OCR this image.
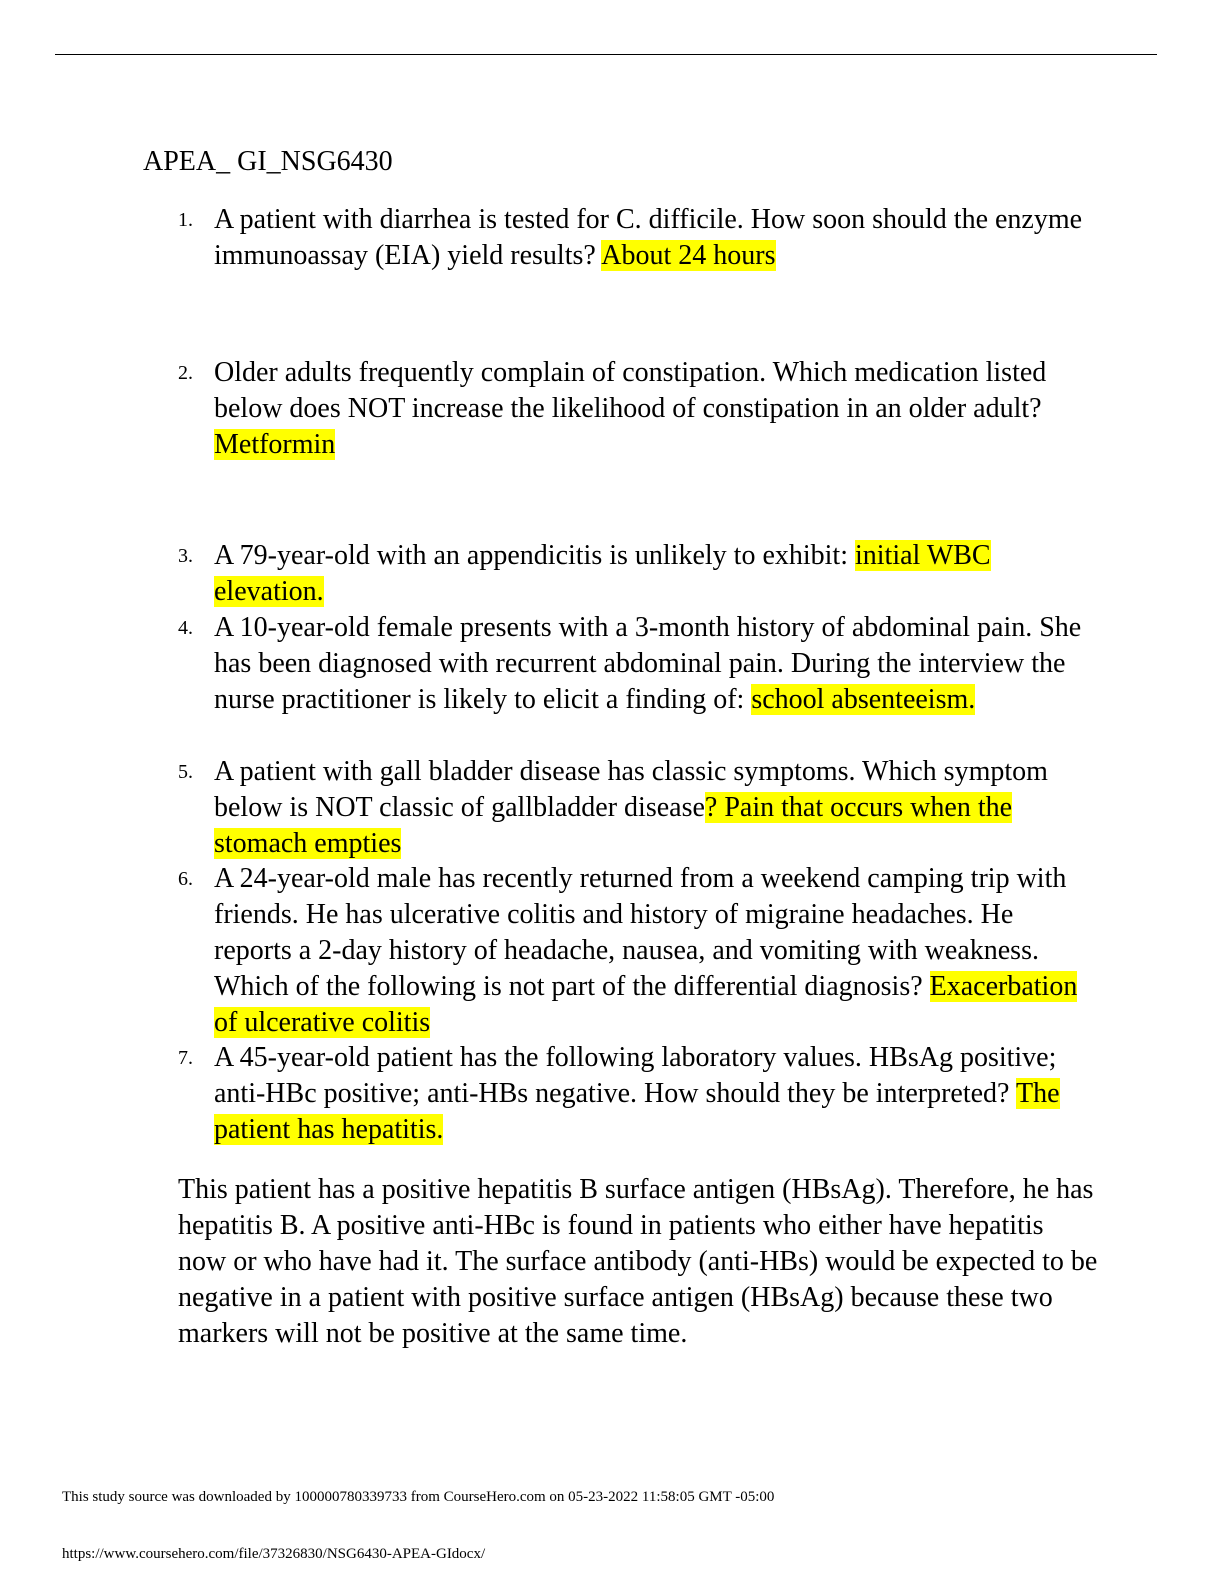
APEA_ GI_NSG6430
1. A patient with diarrhea is tested for C. difficile. How soon should the enzyme immunoassay (EIA) yield results? About 24 hours
2. Older adults frequently complain of constipation. Which medication listed below does NOT increase the likelihood of constipation in an older adult? Metformin
3. A 79-year-old with an appendicitis is unlikely to exhibit: initial WBC elevation.
4. A 10-year-old female presents with a 3-month history of abdominal pain. She has been diagnosed with recurrent abdominal pain. During the interview the nurse practitioner is likely to elicit a finding of: school absenteeism.
5. A patient with gall bladder disease has classic symptoms. Which symptom below is NOT classic of gallbladder disease? Pain that occurs when the stomach empties
6. A 24-year-old male has recently returned from a weekend camping trip with friends. He has ulcerative colitis and history of migraine headaches. He reports a 2-day history of headache, nausea, and vomiting with weakness. Which of the following is not part of the differential diagnosis? Exacerbation of ulcerative colitis
7. A 45-year-old patient has the following laboratory values. HBsAg positive; anti-HBc positive; anti-HBs negative. How should they be interpreted? The patient has hepatitis.

This patient has a positive hepatitis B surface antigen (HBsAg). Therefore, he has hepatitis B. A positive anti-HBc is found in patients who either have hepatitis now or who have had it. The surface antibody (anti-HBs) would be expected to be negative in a patient with positive surface antigen (HBsAg) because these two markers will not be positive at the same time.

This study source was downloaded by 100000780339733 from CourseHero.com on 05-23-2022 11:58:05 GMT -05:00
https://www.coursehero.com/file/37326830/NSG6430-APEA-GIdocx/
